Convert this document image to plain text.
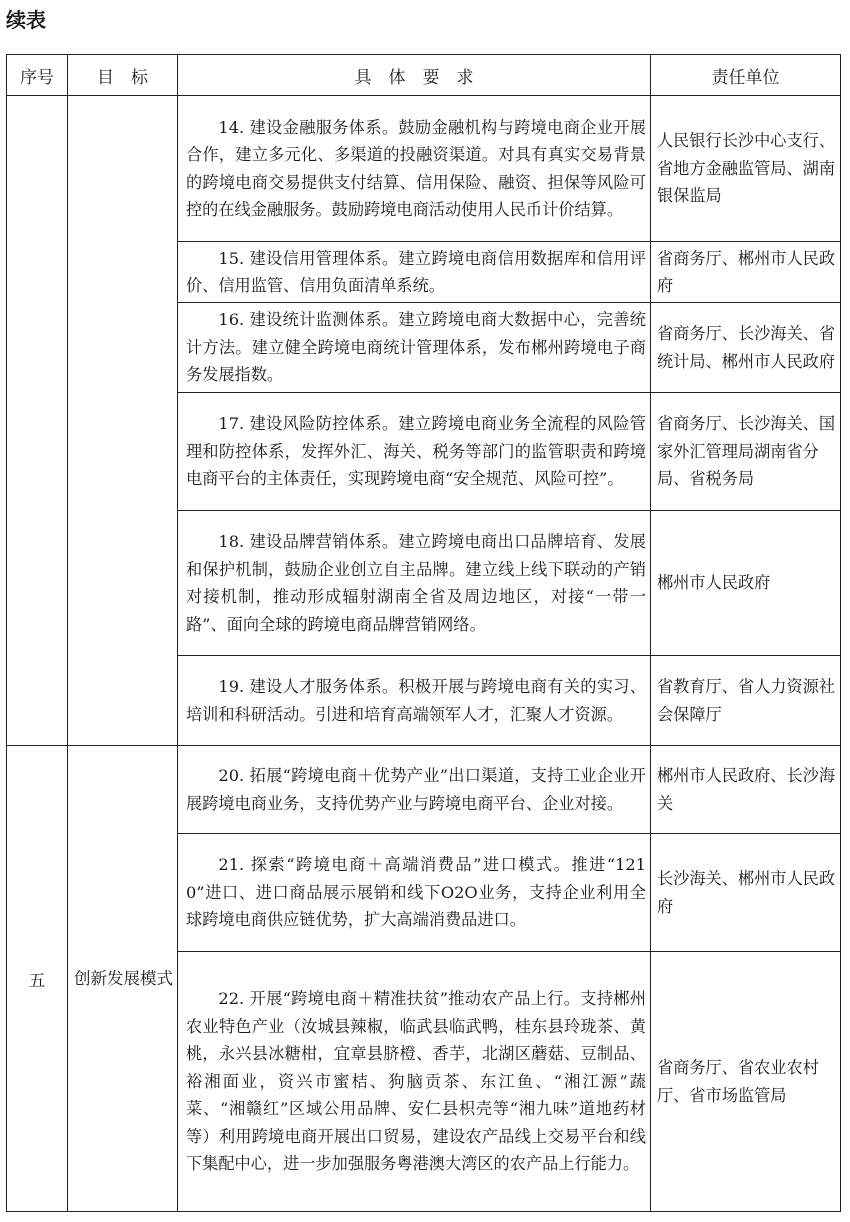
续表
序号	目　标	具　体　要　求	责任单位

		14. 建设金融服务体系。鼓励金融机构与跨境电商企业开展合作，建立多元化、多渠道的投融资渠道。对具有真实交易背景的跨境电商交易提供支付结算、信用保险、融资、担保等风险可控的在线金融服务。鼓励跨境电商活动使用人民币计价结算。	人民银行长沙中心支行、省地方金融监管局、湖南银保监局

		15. 建设信用管理体系。建立跨境电商信用数据库和信用评价、信用监管、信用负面清单系统。	省商务厅、郴州市人民政府

		16. 建设统计监测体系。建立跨境电商大数据中心，完善统计方法。建立健全跨境电商统计管理体系，发布郴州跨境电子商务发展指数。	省商务厅、长沙海关、省统计局、郴州市人民政府

		17. 建设风险防控体系。建立跨境电商业务全流程的风险管理和防控体系，发挥外汇、海关、税务等部门的监管职责和跨境电商平台的主体责任，实现跨境电商“安全规范、风险可控”。	省商务厅、长沙海关、国家外汇管理局湖南省分局、省税务局

		18. 建设品牌营销体系。建立跨境电商出口品牌培育、发展和保护机制，鼓励企业创立自主品牌。建立线上线下联动的产销对接机制，推动形成辐射湖南全省及周边地区，对接“一带一路”、面向全球的跨境电商品牌营销网络。	郴州市人民政府

		19. 建设人才服务体系。积极开展与跨境电商有关的实习、培训和科研活动。引进和培育高端领军人才，汇聚人才资源。	省教育厅、省人力资源社会保障厅
五	创新发展模式	20. 拓展“跨境电商＋优势产业”出口渠道，支持工业企业开展跨境电商业务，支持优势产业与跨境电商平台、企业对接。	郴州市人民政府、长沙海关

		21. 探索“跨境电商＋高端消费品”进口模式。推进“1210”进口、进口商品展示展销和线下O2O业务，支持企业利用全球跨境电商供应链优势，扩大高端消费品进口。	长沙海关、郴州市人民政府

		22. 开展“跨境电商＋精准扶贫”推动农产品上行。支持郴州农业特色产业（汝城县辣椒，临武县临武鸭，桂东县玲珑茶、黄桃，永兴县冰糖柑，宜章县脐橙、香芋，北湖区蘑菇、豆制品、裕湘面业，资兴市蜜桔、狗脑贡茶、东江鱼、“湘江源”蔬菜、“湘赣红”区域公用品牌、安仁县枳壳等“湘九味”道地药材等）利用跨境电商开展出口贸易，建设农产品线上交易平台和线下集配中心，进一步加强服务粤港澳大湾区的农产品上行能力。	省商务厅、省农业农村厅、省市场监管局
